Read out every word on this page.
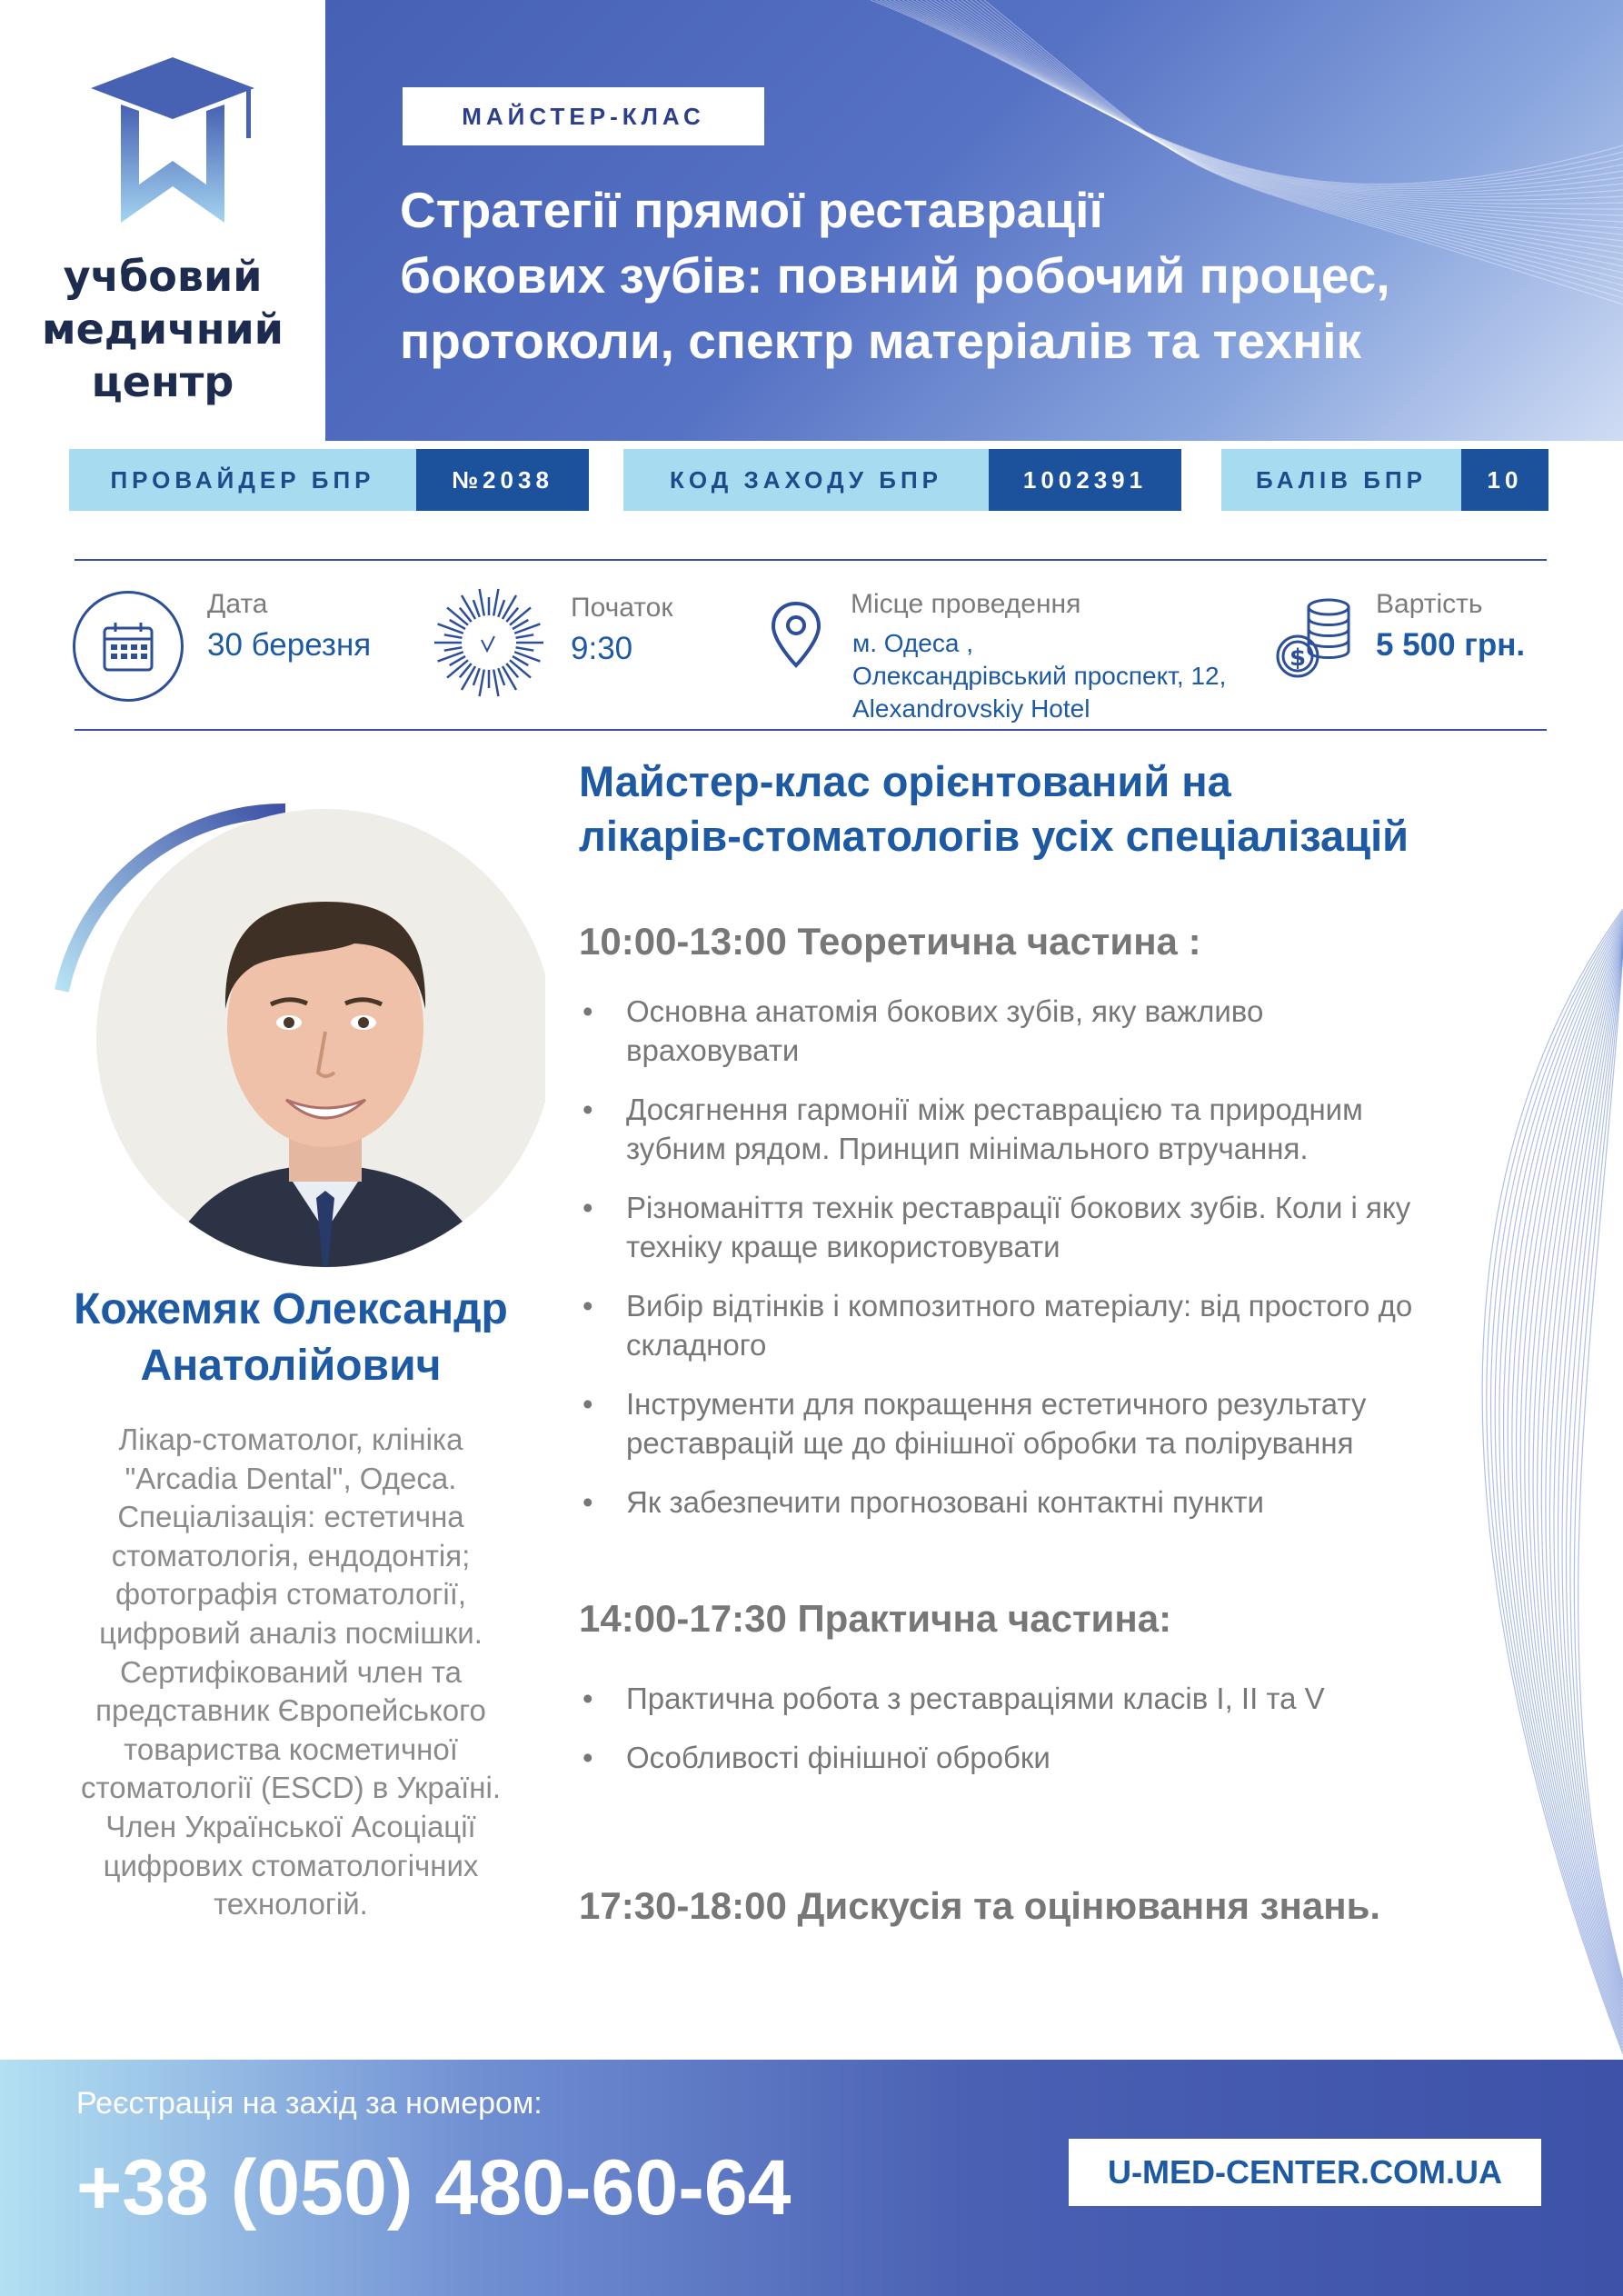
учбовий
медичний
центр
МАЙСТЕР-КЛАС
Стратегії прямої реставрації
бокових зубів: повний робочий процес,
протоколи, спектр матеріалів та технік
ПРОВАЙДЕР БПР	№2038	КОД ЗАХОДУ БПР	1002391	БАЛІВ БПР	10
Дата
30 березня
Початок
9:30
Місце проведення
м. Одеса ,
Олександрівський проспект, 12,
Alexandrovskiy Hotel
$
Вартість
5 500 грн.
Кожемяк Олександр
Анатолійович
Лікар-стоматолог, клініка
"Arcadia Dental", Одеса.
Спеціалізація: естетична
стоматологія, ендодонтія;
фотографія стоматології,
цифровий аналіз посмішки.
Сертифікований член та
представник Європейського
товариства косметичної
стоматології (ESCD) в Україні.
Член Української Асоціації
цифрових стоматологічних
технологій.
Майстер-клас орієнтований на
лікарів-стоматологів усіх спеціалізацій
10:00-13:00 Теоретична частина :
• Основна анатомія бокових зубів, яку важливо
враховувати
• Досягнення гармонії між реставрацією та природним
зубним рядом. Принцип мінімального втручання.
• Різноманіття технік реставрації бокових зубів. Коли і яку
техніку краще використовувати
• Вибір відтінків і композитного матеріалу: від простого до
складного
• Інструменти для покращення естетичного результату
реставрацій ще до фінішної обробки та полірування
• Як забезпечити прогнозовані контактні пункти
14:00-17:30 Практична частина:
• Практична робота з реставраціями класів I, II та V
• Особливості фінішної обробки
17:30-18:00 Дискусія та оцінювання знань.
Реєстрація на захід за номером:
+38 (050) 480-60-64	U-MED-CENTER.COM.UA
